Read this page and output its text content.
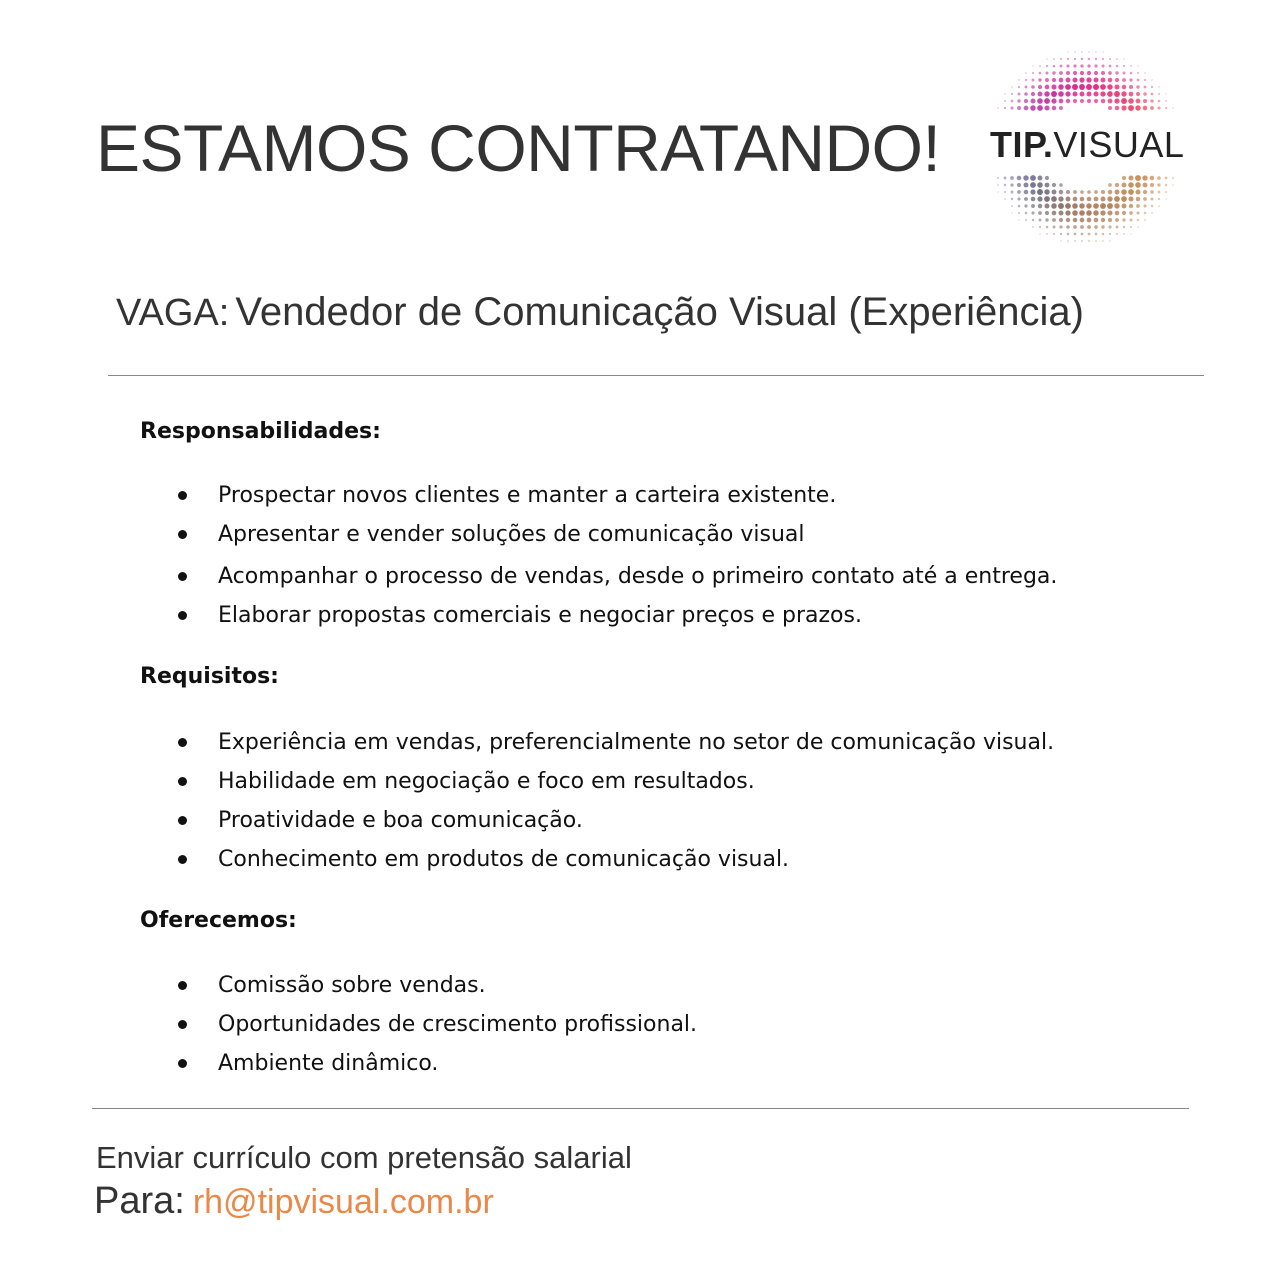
ESTAMOS CONTRATANDO! TIP.VISUAL
VAGA: Vendedor de Comunicação Visual (Experiência)
Responsabilidades:
Prospectar novos clientes e manter a carteira existente.
Apresentar e vender soluções de comunicação visual
Acompanhar o processo de vendas, desde o primeiro contato até a entrega.
Elaborar propostas comerciais e negociar preços e prazos.
Requisitos:
Experiência em vendas, preferencialmente no setor de comunicação visual.
Habilidade em negociação e foco em resultados.
Proatividade e boa comunicação.
Conhecimento em produtos de comunicação visual.
Oferecemos:
Comissão sobre vendas.
Oportunidades de crescimento profissional.
Ambiente dinâmico.
Enviar currículo com pretensão salarial
Para: rh@tipvisual.com.br
